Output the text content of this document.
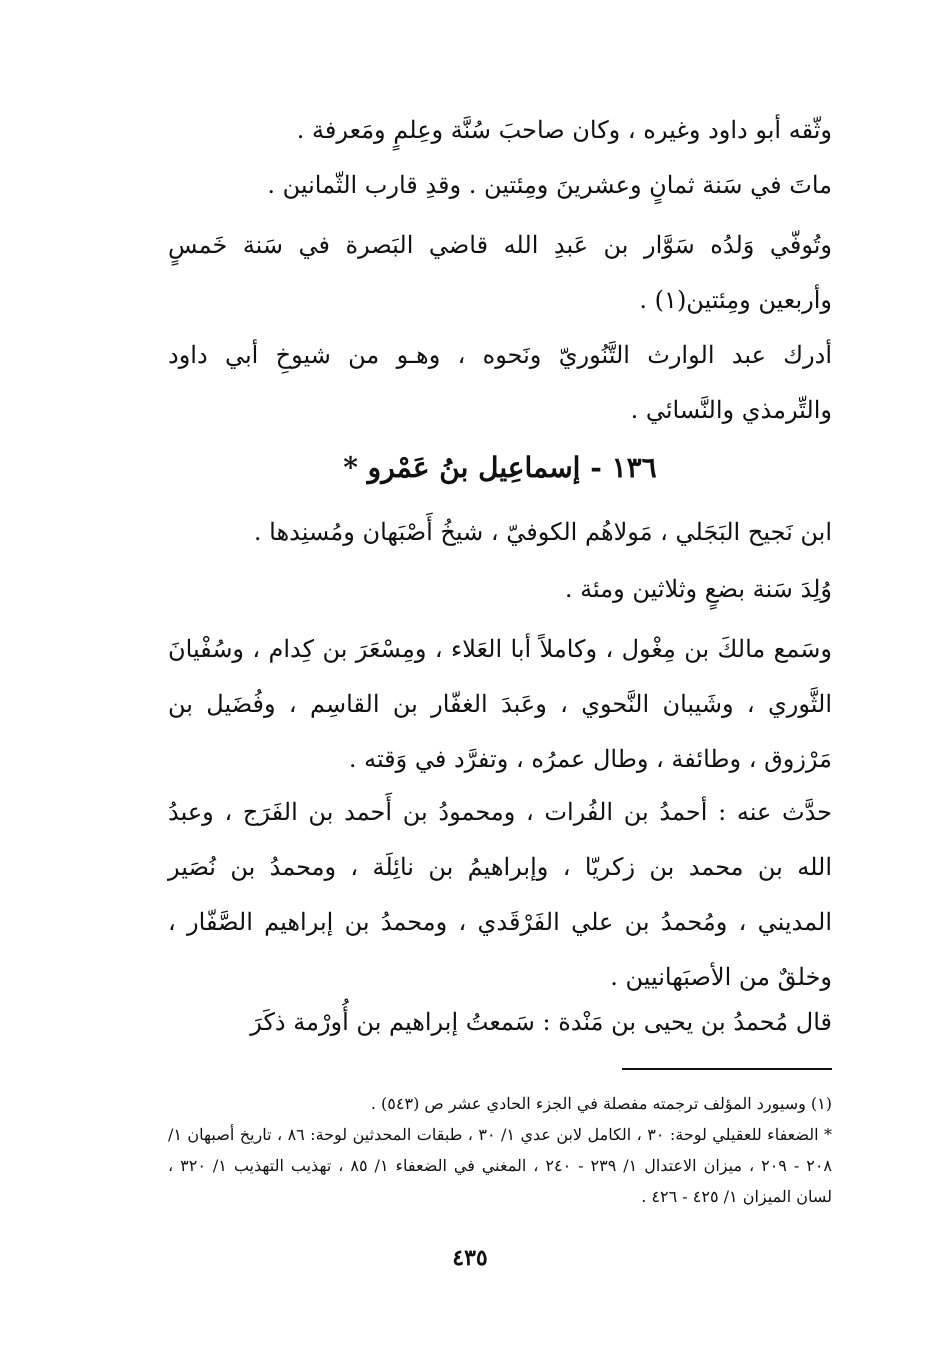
وثّقه أبو داود وغيره ، وكان صاحبَ سُنَّة وعِلمٍ ومَعرفة .

ماتَ في سَنة ثمانٍ وعشرينَ ومِئتين . وقدِ قارب الثّمانين .

وتُوفّي وَلدُه سَوَّار بن عَبدِ الله قاضي البَصرة في سَنة خَمسٍ وأربعين ومِئتين(١) .

أدرك عبد الوارث التَّنُوريّ ونَحوه ، وهـو من شيوخِ أبي داود والتِّرمذي والنَّسائي .

١٣٦ - إسماعِيل بنُ عَمْرو *

ابن نَجيح البَجَلي ، مَولاهُم الكوفيّ ، شيخُ أَصْبَهان ومُسنِدها .

وُلِدَ سَنة بضعٍ وثلاثين ومئة .

وسَمع مالكَ بن مِغْول ، وكاملاً أبا العَلاء ، ومِسْعَرَ بن كِدام ، وسُفْيانَ الثَّوري ، وشَيبان النَّحوي ، وعَبدَ الغفّار بن القاسِم ، وفُضَيل بن مَرْزوق ، وطائفة ، وطال عمرُه ، وتفرَّد في وَقته .

حدَّث عنه : أحمدُ بن الفُرات ، ومحمودُ بن أَحمد بن الفَرَج ، وعبدُ الله بن محمد بن زكريّا ، وإبراهيمُ بن نائِلَة ، ومحمدُ بن نُصَير المديني ، ومُحمدُ بن علي الفَرْقَدي ، ومحمدُ بن إبراهيم الصَّفّار ، وخلقٌ من الأصبَهانيين .

قال مُحمدُ بن يحيى بن مَنْدة : سَمعتُ إبراهيم بن أُورْمة ذكَرَ

(١) وسيورد المؤلف ترجمته مفصلة في الجزء الحادي عشر ص (٥٤٣) .

* الضعفاء للعقيلي لوحة: ٣٠ ، الكامل لابن عدي ١/ ٣٠ ، طبقات المحدثين لوحة: ٨٦ ، تاريخ أصبهان ١/ ٢٠٨ - ٢٠٩ ، ميزان الاعتدال ١/ ٢٣٩ - ٢٤٠ ، المغني في الضعفاء ١/ ٨٥ ، تهذيب التهذيب ١/ ٣٢٠ ، لسان الميزان ١/ ٤٢٥ - ٤٢٦ .

٤٣٥
